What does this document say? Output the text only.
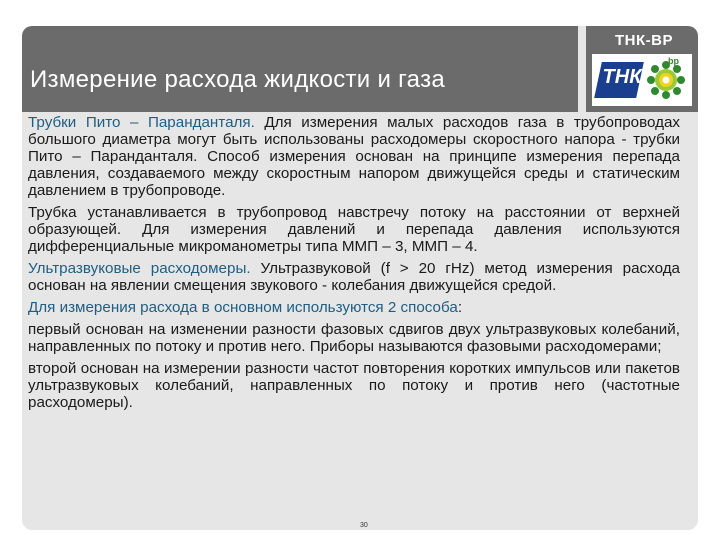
Измерение расхода жидкости и газа
ТНК-BP
ТНК
bp

Трубки Пито – Паранданталя. Для измерения малых расходов газа в трубопроводах большого диаметра могут быть использованы расходомеры скоростного напора - трубки Пито – Паранданталя. Способ измерения основан на принципе измерения перепада давления, создаваемого между скоростным напором движущейся среды и статическим давлением в трубопроводе.

Трубка устанавливается в трубопровод навстречу потоку на расстоянии от верхней образующей. Для измерения давлений и перепада давления используются дифференциальные микроманометры типа ММП – 3, ММП – 4.

Ультразвуковые расходомеры. Ультразвуковой (f > 20 гHz) метод измерения расхода основан на явлении смещения звукового - колебания движущейся средой.

Для измерения расхода в основном используются 2 способа:

первый основан на изменении разности фазовых сдвигов двух ультразвуковых колебаний, направленных по потоку и против него. Приборы называются фазовыми расходомерами;

второй основан на измерении разности частот повторения коротких импульсов или пакетов ультразвуковых колебаний, направленных по потоку и против него (частотные расходомеры).

30
